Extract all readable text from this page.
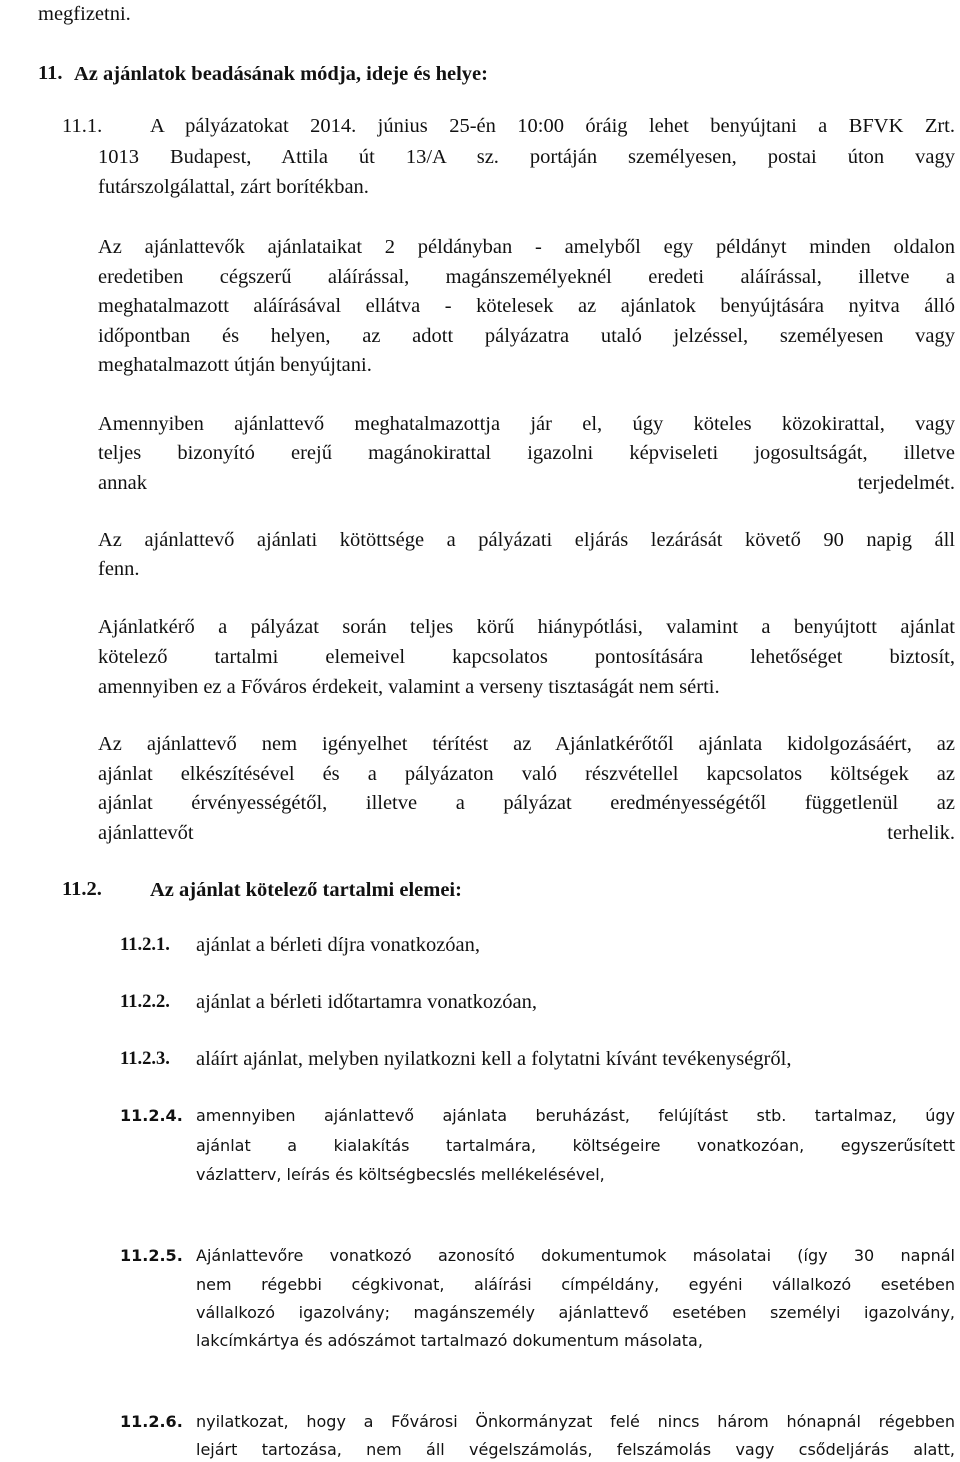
megfizetni.
11. Az ajánlatok beadásának módja, ideje és helye:
11.1. A pályázatokat 2014. június 25-én 10:00 óráig lehet benyújtani a BFVK Zrt.
1013 Budapest, Attila út 13/A sz. portáján személyesen, postai úton vagy
futárszolgálattal, zárt borítékban.
Az ajánlattevők ajánlataikat 2 példányban - amelyből egy példányt minden oldalon
eredetiben cégszerű aláírással, magánszemélyeknél eredeti aláírással, illetve a
meghatalmazott aláírásával ellátva - kötelesek az ajánlatok benyújtására nyitva álló
időpontban és helyen, az adott pályázatra utaló jelzéssel, személyesen vagy
meghatalmazott útján benyújtani.
Amennyiben ajánlattevő meghatalmazottja jár el, úgy köteles közokirattal, vagy
teljes bizonyító erejű magánokirattal igazolni képviseleti jogosultságát, illetve
annak	terjedelmét.
Az ajánlattevő ajánlati kötöttsége a pályázati eljárás lezárását követő 90 napig áll
fenn.
Ajánlatkérő a pályázat során teljes körű hiánypótlási, valamint a benyújtott ajánlat
kötelező tartalmi elemeivel kapcsolatos pontosítására lehetőséget biztosít,
amennyiben ez a Főváros érdekeit, valamint a verseny tisztaságát nem sérti.
Az ajánlattevő nem igényelhet térítést az Ajánlatkérőtől ajánlata kidolgozásáért, az
ajánlat elkészítésével és a pályázaton való részvétellel kapcsolatos költségek az
ajánlat érvényességétől, illetve a pályázat eredményességétől függetlenül az
ajánlattevőt	terhelik.
11.2. Az ajánlat kötelező tartalmi elemei:
11.2.1. ajánlat a bérleti díjra vonatkozóan,
11.2.2. ajánlat a bérleti időtartamra vonatkozóan,
11.2.3. aláírt ajánlat, melyben nyilatkozni kell a folytatni kívánt tevékenységről,
11.2.4. amennyiben ajánlattevő ajánlata beruházást, felújítást stb. tartalmaz, úgy
ajánlat a kialakítás tartalmára, költségeire vonatkozóan, egyszerűsített
vázlatterv, leírás és költségbecslés mellékelésével,
11.2.5. Ajánlattevőre vonatkozó azonosító dokumentumok másolatai (így 30 napnál
nem régebbi cégkivonat, aláírási címpéldány, egyéni vállalkozó esetében
vállalkozó igazolvány; magánszemély ajánlattevő esetében személyi igazolvány,
lakcímkártya és adószámot tartalmazó dokumentum másolata,
11.2.6. nyilatkozat, hogy a Fővárosi Önkormányzat felé nincs három hónapnál régebben
lejárt tartozása, nem áll végelszámolás, felszámolás vagy csődeljárás alatt,
